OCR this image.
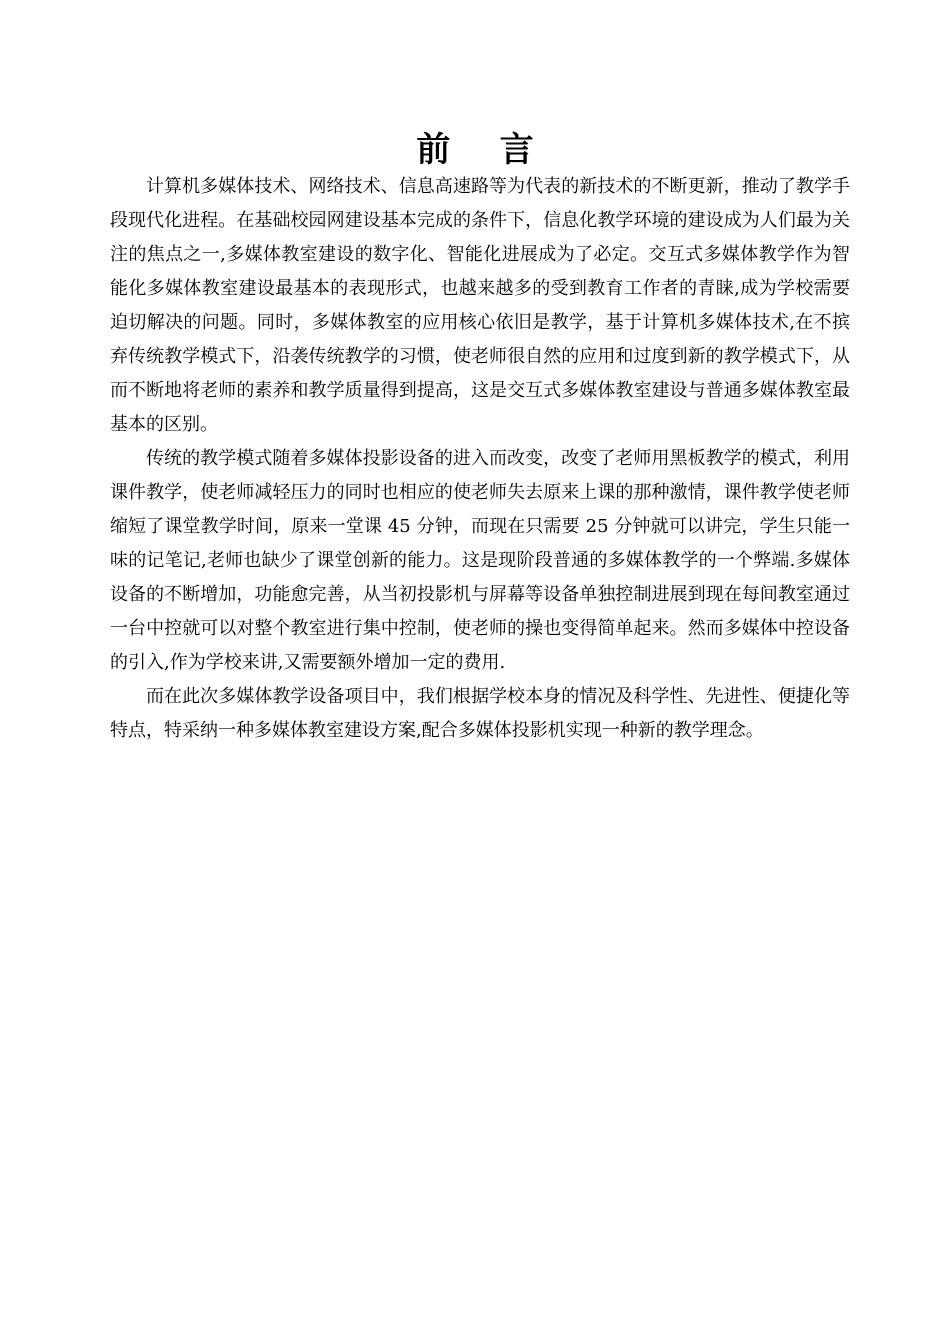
前 言

计算机多媒体技术、网络技术、信息高速路等为代表的新技术的不断更新，推动了教学手段现代化进程。在基础校园网建设基本完成的条件下，信息化教学环境的建设成为人们最为关注的焦点之一,多媒体教室建设的数字化、智能化进展成为了必定。交互式多媒体教学作为智能化多媒体教室建设最基本的表现形式，也越来越多的受到教育工作者的青睐,成为学校需要迫切解决的问题。同时，多媒体教室的应用核心依旧是教学，基于计算机多媒体技术,在不摈弃传统教学模式下，沿袭传统教学的习惯，使老师很自然的应用和过度到新的教学模式下，从而不断地将老师的素养和教学质量得到提高，这是交互式多媒体教室建设与普通多媒体教室最基本的区别。

传统的教学模式随着多媒体投影设备的进入而改变，改变了老师用黑板教学的模式，利用课件教学，使老师减轻压力的同时也相应的使老师失去原来上课的那种激情，课件教学使老师缩短了课堂教学时间，原来一堂课 45 分钟，而现在只需要 25 分钟就可以讲完，学生只能一味的记笔记,老师也缺少了课堂创新的能力。这是现阶段普通的多媒体教学的一个弊端.多媒体设备的不断增加，功能愈完善，从当初投影机与屏幕等设备单独控制进展到现在每间教室通过一台中控就可以对整个教室进行集中控制，使老师的操也变得简单起来。然而多媒体中控设备的引入,作为学校来讲,又需要额外增加一定的费用.

而在此次多媒体教学设备项目中，我们根据学校本身的情况及科学性、先进性、便捷化等特点，特采纳一种多媒体教室建设方案,配合多媒体投影机实现一种新的教学理念。
